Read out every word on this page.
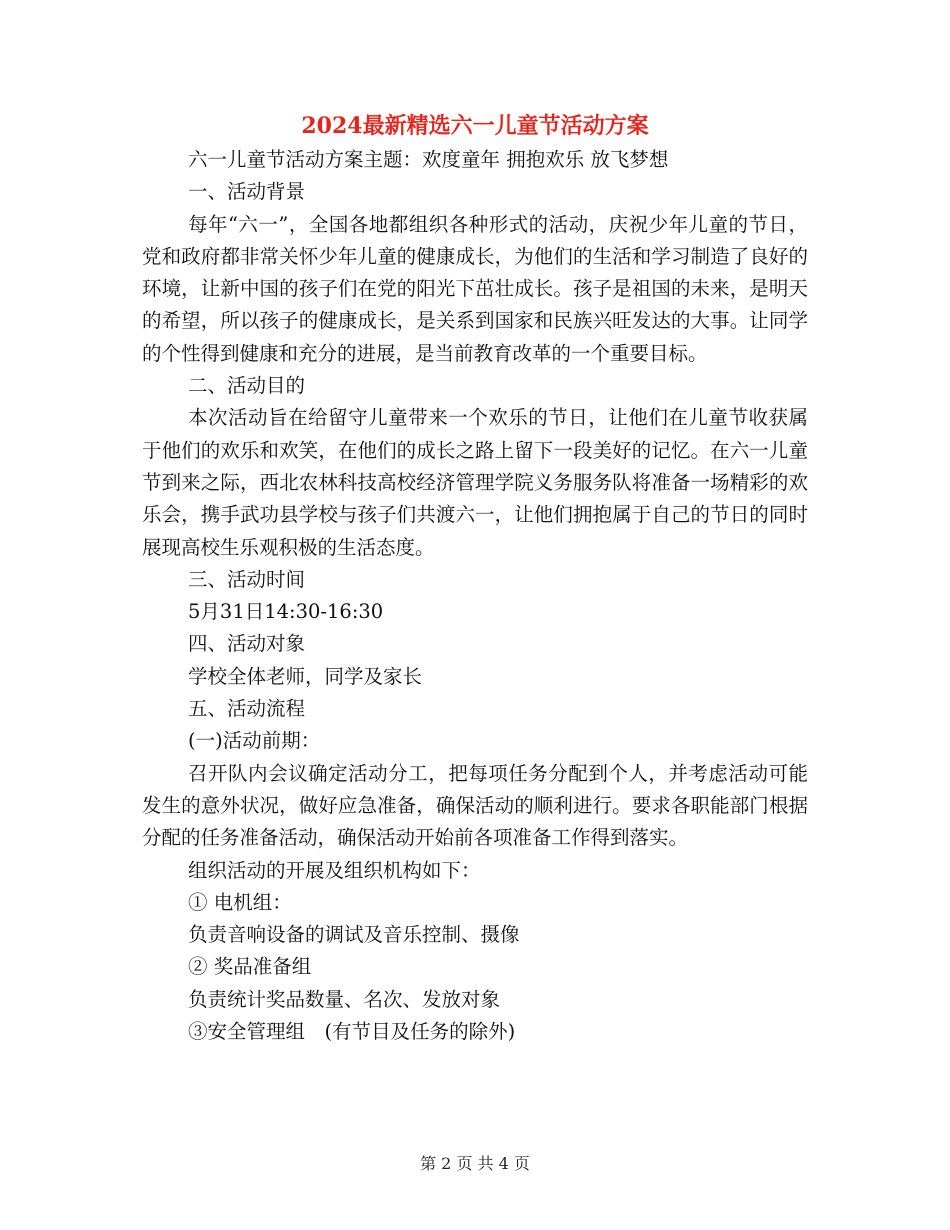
2024最新精选六一儿童节活动方案
六一儿童节活动方案主题：欢度童年 拥抱欢乐 放飞梦想
一、活动背景

每年“六一”，全国各地都组织各种形式的活动，庆祝少年儿童的节日，党和政府都非常关怀少年儿童的健康成长，为他们的生活和学习制造了良好的环境，让新中国的孩子们在党的阳光下茁壮成长。孩子是祖国的未来，是明天的希望，所以孩子的健康成长，是关系到国家和民族兴旺发达的大事。让同学的个性得到健康和充分的进展，是当前教育改革的一个重要目标。

二、活动目的

本次活动旨在给留守儿童带来一个欢乐的节日，让他们在儿童节收获属于他们的欢乐和欢笑，在他们的成长之路上留下一段美好的记忆。在六一儿童节到来之际，西北农林科技高校经济管理学院义务服务队将准备一场精彩的欢乐会，携手武功县学校与孩子们共渡六一，让他们拥抱属于自己的节日的同时展现高校生乐观积极的生活态度。

三、活动时间
5月31日14:30-16:30
四、活动对象
学校全体老师，同学及家长
五、活动流程
(一)活动前期：

召开队内会议确定活动分工，把每项任务分配到个人，并考虑活动可能发生的意外状况，做好应急准备，确保活动的顺利进行。要求各职能部门根据分配的任务准备活动，确保活动开始前各项准备工作得到落实。

组织活动的开展及组织机构如下：
① 电机组：
负责音响设备的调试及音乐控制、摄像
② 奖品准备组
负责统计奖品数量、名次、发放对象
③安全管理组　(有节目及任务的除外)
第 2 页 共 4 页
